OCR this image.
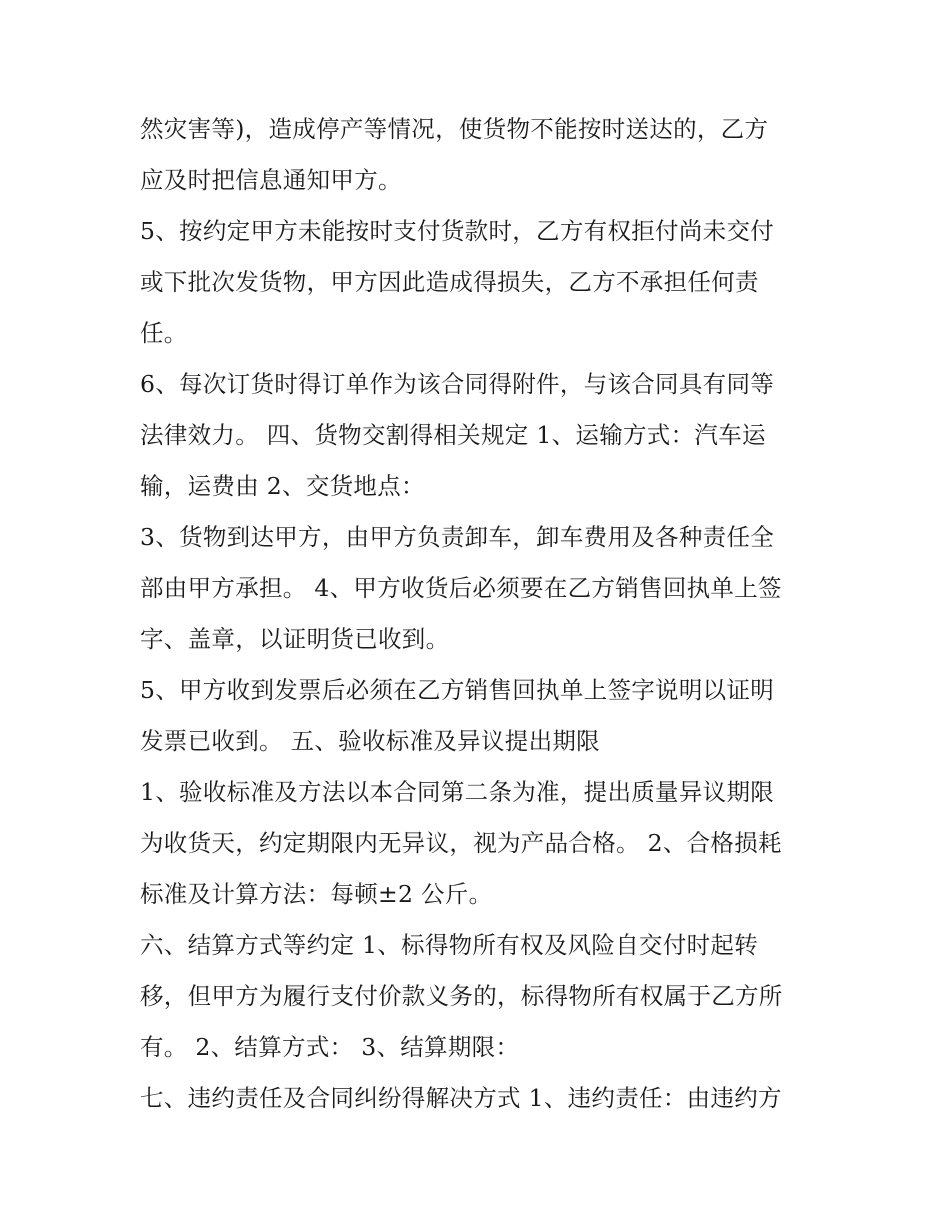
然灾害等)，造成停产等情况，使货物不能按时送达的，乙方
应及时把信息通知甲方。
5、按约定甲方未能按时支付货款时，乙方有权拒付尚未交付
或下批次发货物，甲方因此造成得损失，乙方不承担任何责
任。
6、每次订货时得订单作为该合同得附件，与该合同具有同等
法律效力。 四、货物交割得相关规定 1、运输方式：汽车运
输，运费由 2、交货地点：
3、货物到达甲方，由甲方负责卸车，卸车费用及各种责任全
部由甲方承担。 4、甲方收货后必须要在乙方销售回执单上签
字、盖章，以证明货已收到。
5、甲方收到发票后必须在乙方销售回执单上签字说明以证明
发票已收到。 五、验收标准及异议提出期限
1、验收标准及方法以本合同第二条为准，提出质量异议期限
为收货天，约定期限内无异议，视为产品合格。 2、合格损耗
标准及计算方法：每顿±2 公斤。
六、结算方式等约定 1、标得物所有权及风险自交付时起转
移，但甲方为履行支付价款义务的，标得物所有权属于乙方所
有。 2、结算方式： 3、结算期限：
七、违约责任及合同纠纷得解决方式 1、违约责任：由违约方
